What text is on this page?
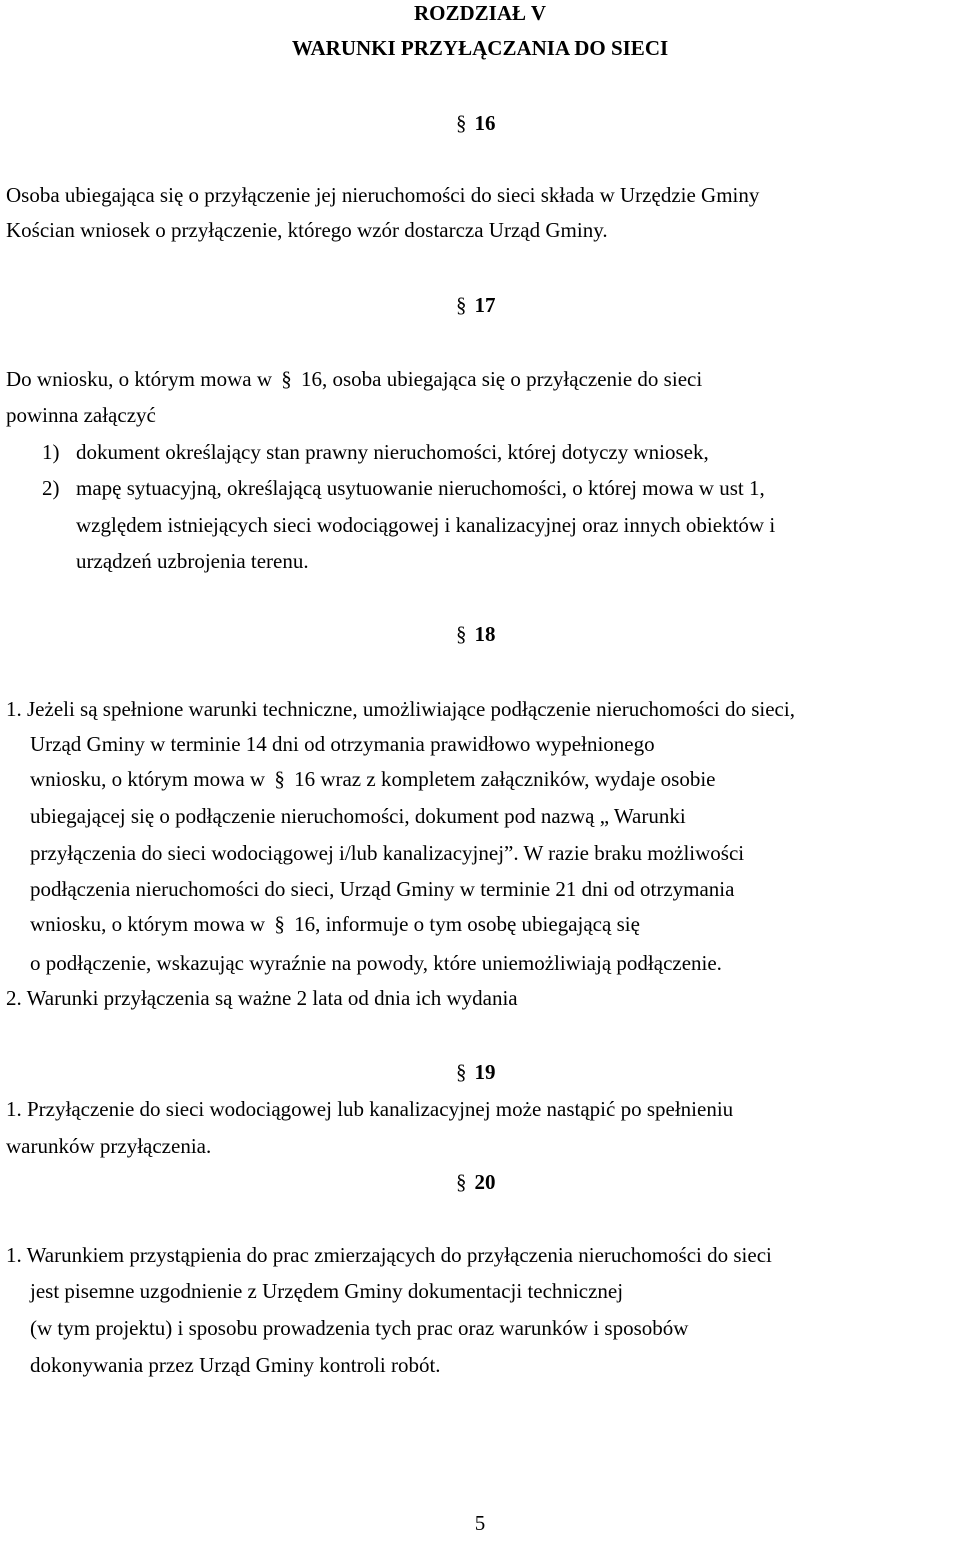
ROZDZIAŁ V
WARUNKI PRZYŁĄCZANIA DO SIECI
§ 16
Osoba ubiegająca się o przyłączenie jej nieruchomości do sieci składa w Urzędzie Gminy
Kościan wniosek o przyłączenie, którego wzór dostarcza Urząd Gminy.
§ 17
Do wniosku, o którym mowa w § 16, osoba ubiegająca się o przyłączenie do sieci
powinna załączyć
1) dokument określający stan prawny nieruchomości, której dotyczy wniosek,
2) mapę sytuacyjną, określającą usytuowanie nieruchomości, o której mowa w ust 1,
względem istniejących sieci wodociągowej i kanalizacyjnej oraz innych obiektów i
urządzeń uzbrojenia terenu.
§ 18
1. Jeżeli są spełnione warunki techniczne, umożliwiające podłączenie nieruchomości do sieci,
Urząd Gminy w terminie 14 dni od otrzymania prawidłowo wypełnionego
wniosku, o którym mowa w § 16 wraz z kompletem załączników, wydaje osobie
ubiegającej się o podłączenie nieruchomości, dokument pod nazwą „ Warunki
przyłączenia do sieci wodociągowej i/lub kanalizacyjnej”. W razie braku możliwości
podłączenia nieruchomości do sieci, Urząd Gminy w terminie 21 dni od otrzymania
wniosku, o którym mowa w § 16, informuje o tym osobę ubiegającą się
o podłączenie, wskazując wyraźnie na powody, które uniemożliwiają podłączenie.
2. Warunki przyłączenia są ważne 2 lata od dnia ich wydania
§ 19
1. Przyłączenie do sieci wodociągowej lub kanalizacyjnej może nastąpić po spełnieniu
warunków przyłączenia.
§ 20
1. Warunkiem przystąpienia do prac zmierzających do przyłączenia nieruchomości do sieci
jest pisemne uzgodnienie z Urzędem Gminy dokumentacji technicznej
(w tym projektu) i sposobu prowadzenia tych prac oraz warunków i sposobów
dokonywania przez Urząd Gminy kontroli robót.
5
